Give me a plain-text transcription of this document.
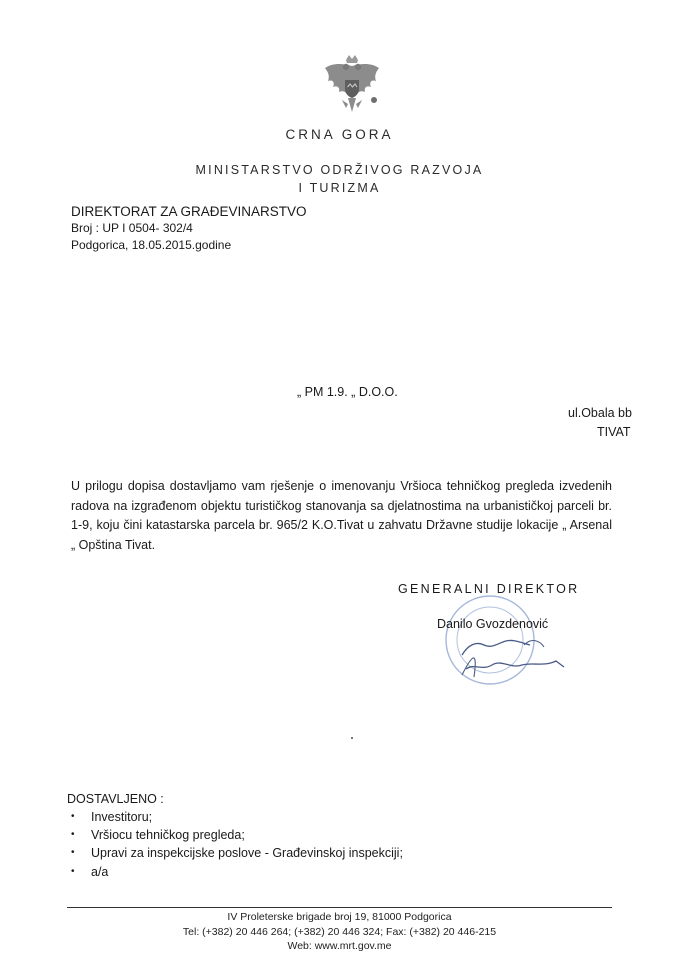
CRNA GORA
MINISTARSTVO ODRŽIVOG RAZVOJA
I TURIZMA
DIREKTORAT ZA GRAĐEVINARSTVO
Broj : UP I 0504- 302/4
Podgorica, 18.05.2015.godine
„ PM 1.9. „ D.O.O.
ul.Obala bb
TIVAT
U prilogu dopisa dostavljamo vam rješenje o imenovanju Vršioca tehničkog pregleda izvedenih radova na izgrađenom objektu turističkog stanovanja sa djelatnostima na urbanističkoj parceli br. 1-9, koju čini katastarska parcela br. 965/2 K.O.Tivat u zahvatu Državne studije lokacije „ Arsenal „ Opština Tivat.
GENERALNI DIREKTOR
Danilo Gvozdenović
DOSTAVLJENO :
• Investitoru;
• Vršiocu tehničkog pregleda;
• Upravi za inspekcijske poslove - Građevinskoj inspekciji;
• a/a
IV Proleterske brigade broj 19, 81000 Podgorica
Tel: (+382) 20 446 264; (+382) 20 446 324; Fax: (+382) 20 446-215
Web: www.mrt.gov.me
